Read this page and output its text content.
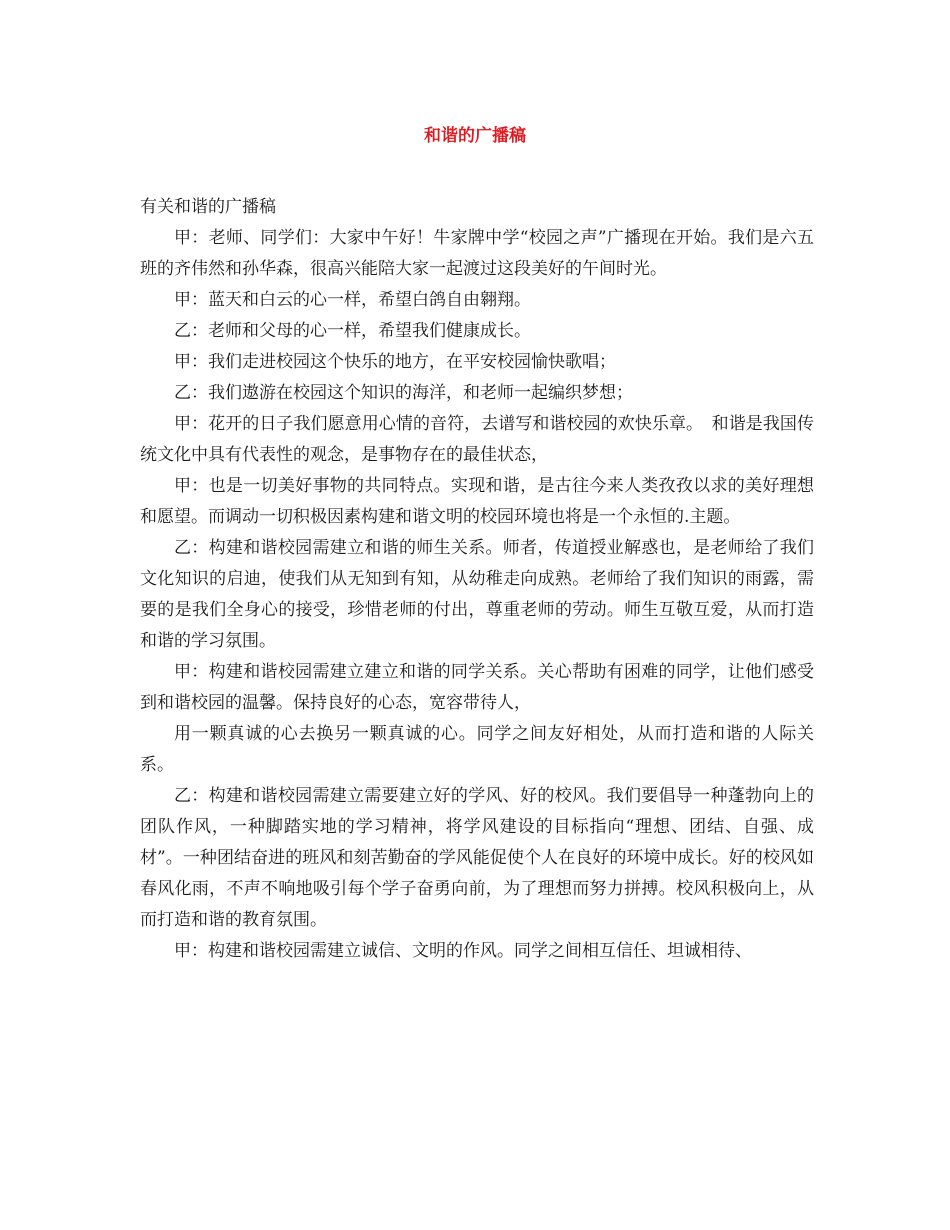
和谐的广播稿

有关和谐的广播稿

甲：老师、同学们：大家中午好！牛家牌中学“校园之声”广播现在开始。我们是六五班的齐伟然和孙华森，很高兴能陪大家一起渡过这段美好的午间时光。

甲：蓝天和白云的心一样，希望白鸽自由翱翔。

乙：老师和父母的心一样，希望我们健康成长。

甲：我们走进校园这个快乐的地方，在平安校园愉快歌唱；

乙：我们遨游在校园这个知识的海洋，和老师一起编织梦想；

甲：花开的日子我们愿意用心情的音符，去谱写和谐校园的欢快乐章。　和谐是我国传统文化中具有代表性的观念，是事物存在的最佳状态，

甲：也是一切美好事物的共同特点。实现和谐，是古往今来人类孜孜以求的美好理想和愿望。而调动一切积极因素构建和谐文明的校园环境也将是一个永恒的.主题。

乙：构建和谐校园需建立和谐的师生关系。师者，传道授业解惑也，是老师给了我们文化知识的启迪，使我们从无知到有知，从幼稚走向成熟。老师给了我们知识的雨露，需要的是我们全身心的接受，珍惜老师的付出，尊重老师的劳动。师生互敬互爱，从而打造和谐的学习氛围。

甲：构建和谐校园需建立建立和谐的同学关系。关心帮助有困难的同学，让他们感受到和谐校园的温馨。保持良好的心态，宽容带待人，

用一颗真诚的心去换另一颗真诚的心。同学之间友好相处，从而打造和谐的人际关系。

乙：构建和谐校园需建立需要建立好的学风、好的校风。我们要倡导一种蓬勃向上的团队作风，一种脚踏实地的学习精神，将学风建设的目标指向“理想、团结、自强、成材”。一种团结奋进的班风和刻苦勤奋的学风能促使个人在良好的环境中成长。好的校风如春风化雨，不声不响地吸引每个学子奋勇向前，为了理想而努力拼搏。校风积极向上，从而打造和谐的教育氛围。

甲：构建和谐校园需建立诚信、文明的作风。同学之间相互信任、坦诚相待、
